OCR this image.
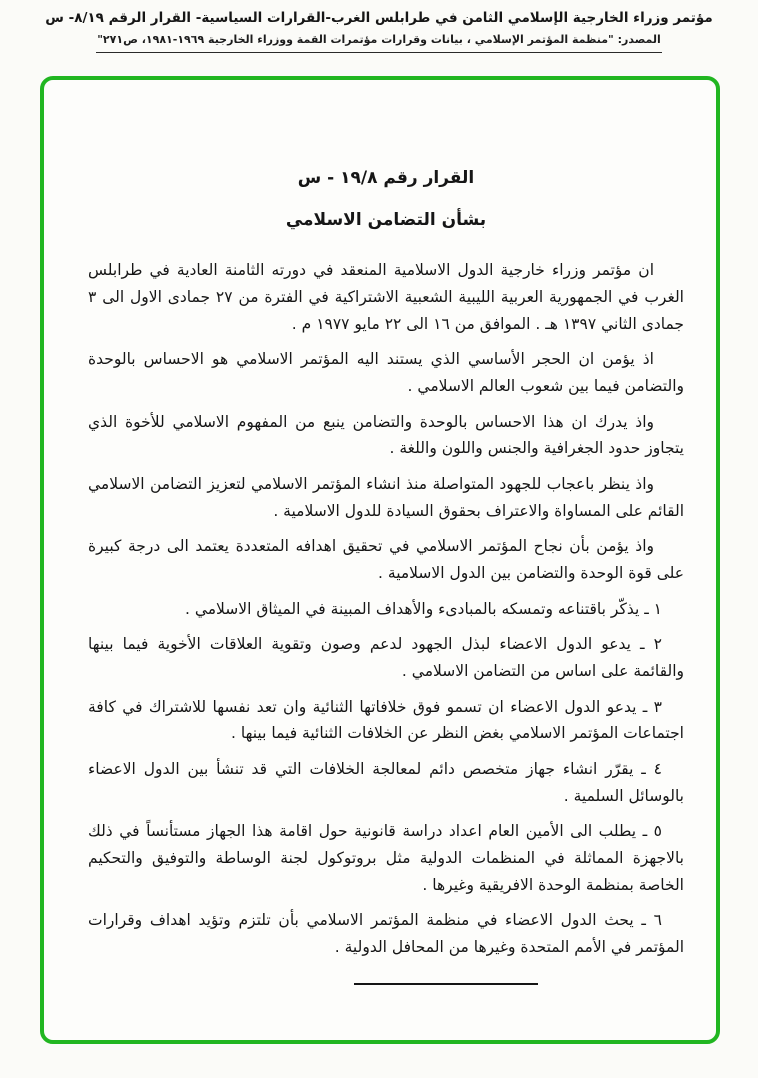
مؤتمر وزراء الخارجية الإسلامي الثامن في طرابلس الغرب-القرارات السياسية- القرار الرقم ٨/١٩- س
المصدر: "منظمة المؤتمر الإسلامي ، بيانات وقرارات مؤتمرات القمة ووزراء الخارجية ١٩٦٩-١٩٨١، ص٢٧١"
القرار رقم ١٩/٨ - س
بشأن التضامن الاسلامي

ان مؤتمر وزراء خارجية الدول الاسلامية المنعقد في دورته الثامنة العادية في طرابلس الغرب في الجمهورية العربية الليبية الشعبية الاشتراكية في الفترة من ٢٧ جمادى الاول الى ٣ جمادى الثاني ١٣٩٧ هـ . الموافق من ١٦ الى ٢٢ مايو ١٩٧٧ م .

اذ يؤمن ان الحجر الأساسي الذي يستند اليه المؤتمر الاسلامي هو الاحساس بالوحدة والتضامن فيما بين شعوب العالم الاسلامي .

واذ يدرك ان هذا الاحساس بالوحدة والتضامن ينبع من المفهوم الاسلامي للأخوة الذي يتجاوز حدود الجغرافية والجنس واللون واللغة .

واذ ينظر باعجاب للجهود المتواصلة منذ انشاء المؤتمر الاسلامي لتعزيز التضامن الاسلامي القائم على المساواة والاعتراف بحقوق السيادة للدول الاسلامية .

واذ يؤمن بأن نجاح المؤتمر الاسلامي في تحقيق اهدافه المتعددة يعتمد الى درجة كبيرة على قوة الوحدة والتضامن بين الدول الاسلامية .

١ ـ يذكّر باقتناعه وتمسكه بالمبادىء والأهداف المبينة في الميثاق الاسلامي .

٢ ـ يدعو الدول الاعضاء لبذل الجهود لدعم وصون وتقوية العلاقات الأخوية فيما بينها والقائمة على اساس من التضامن الاسلامي .

٣ ـ يدعو الدول الاعضاء ان تسمو فوق خلافاتها الثنائية وان تعد نفسها للاشتراك في كافة اجتماعات المؤتمر الاسلامي بغض النظر عن الخلافات الثنائية فيما بينها .

٤ ـ يقرّر انشاء جهاز متخصص دائم لمعالجة الخلافات التي قد تنشأ بين الدول الاعضاء بالوسائل السلمية .

٥ ـ يطلب الى الأمين العام اعداد دراسة قانونية حول اقامة هذا الجهاز مستأنساً في ذلك بالاجهزة المماثلة في المنظمات الدولية مثل بروتوكول لجنة الوساطة والتوفيق والتحكيم الخاصة بمنظمة الوحدة الافريقية وغيرها .

٦ ـ يحث الدول الاعضاء في منظمة المؤتمر الاسلامي بأن تلتزم وتؤيد اهداف وقرارات المؤتمر في الأمم المتحدة وغيرها من المحافل الدولية .
